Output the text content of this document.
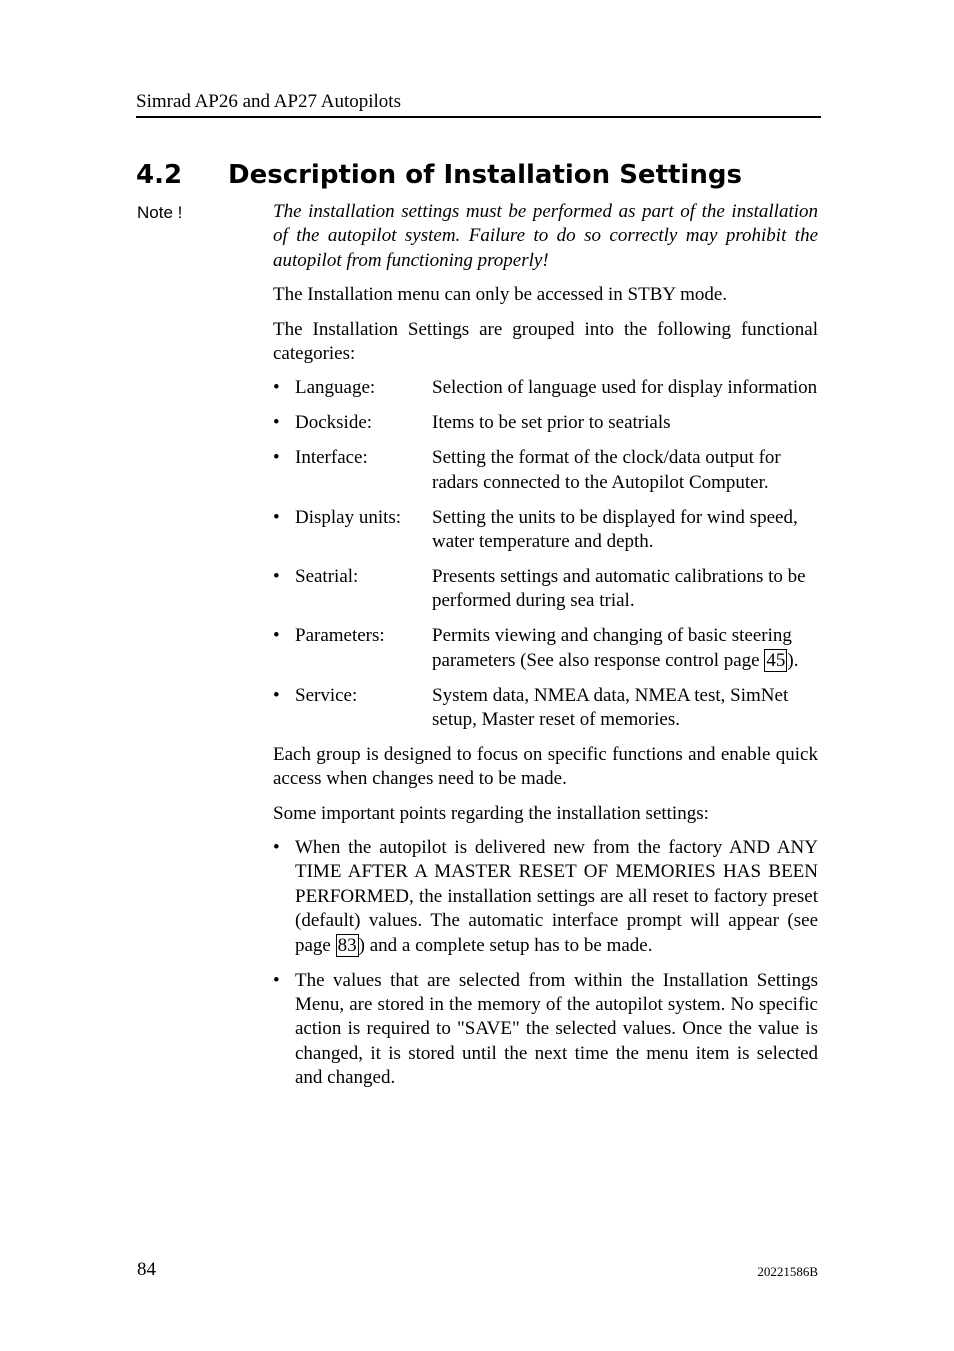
Simrad AP26 and AP27 Autopilots
4.2 Description of Installation Settings
Note !	The installation settings must be performed as part of the installation of the autopilot system. Failure to do so correctly may prohibit the autopilot from functioning properly!

The Installation menu can only be accessed in STBY mode.

The Installation Settings are grouped into the following functional categories:

• Language:	Selection of language used for display information
• Dockside:	Items to be set prior to seatrials
• Interface:	Setting the format of the clock/data output for radars connected to the Autopilot Computer.
• Display units:	Setting the units to be displayed for wind speed, water temperature and depth.
• Seatrial:	Presents settings and automatic calibrations to be performed during sea trial.
• Parameters:	Permits viewing and changing of basic steering parameters (See also response control page 45 ).
• Service:	System data, NMEA data, NMEA test, SimNet setup, Master reset of memories.

Each group is designed to focus on specific functions and enable quick access when changes need to be made.

Some important points regarding the installation settings:

• When the autopilot is delivered new from the factory AND ANY TIME AFTER A MASTER RESET OF MEMORIES HAS BEEN PERFORMED, the installation settings are all reset to factory preset (default) values. The automatic interface prompt will appear (see page 83 ) and a complete setup has to be made.
• The values that are selected from within the Installation Settings Menu, are stored in the memory of the autopilot system. No specific action is required to "SAVE" the selected values. Once the value is changed, it is stored until the next time the menu item is selected and changed.
84	20221586B
